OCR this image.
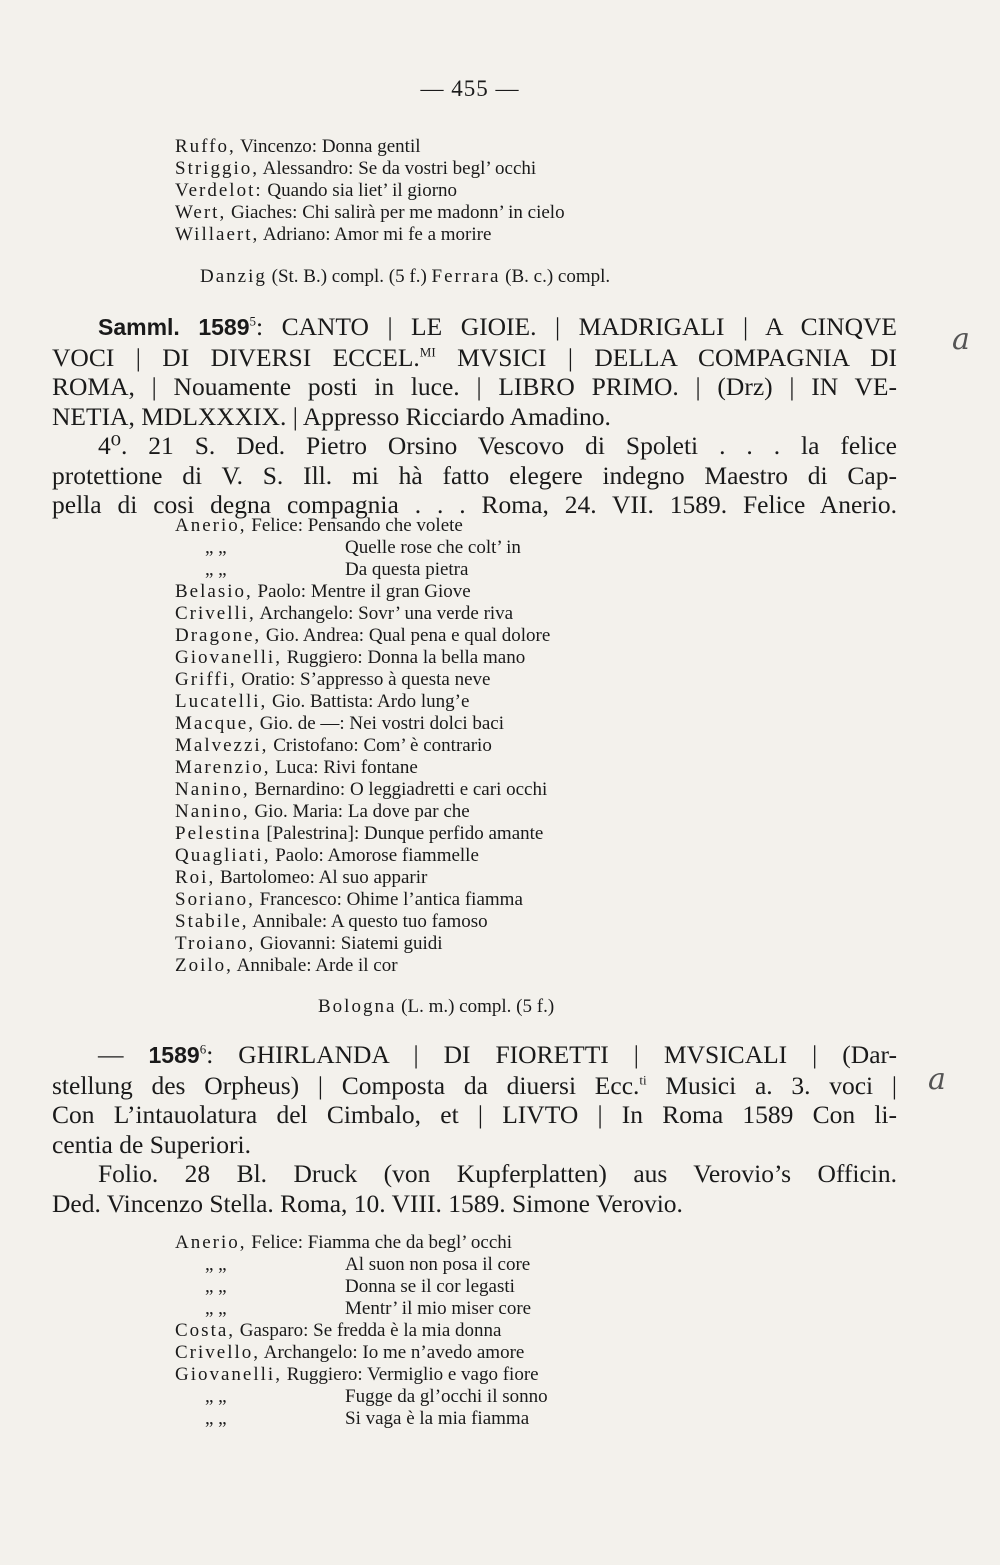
— 455 —
Ruffo, Vincenzo: Donna gentil
Striggio, Alessandro: Se da vostri begl’ occhi
Verdelot: Quando sia liet’ il giorno
Wert, Giaches: Chi salirà per me madonn’ in cielo
Willaert, Adriano: Amor mi fe a morire
Danzig (St. B.) compl. (5 f.) Ferrara (B. c.) compl.
Samml. 1589$^5$: CANTO | LE GIOIE. | MADRIGALI | A CINQVE
VOCI | DI DIVERSI ECCEL.$^{MI}$ MVSICI | DELLA COMPAGNIA DI
ROMA, | Nouamente posti in luce. | LIBRO PRIMO. | (Drz) | IN VE-
NETIA, MDLXXXIX. | Appresso Ricciardo Amadino.
4⁰. 21 S. Ded. Pietro Orsino Vescovo di Spoleti . . . la felice
protettione di V. S. Ill. mi hà fatto elegere indegno Maestro di Cap-
pella di cosi degna compagnia . . . Roma, 24. VII. 1589. Felice Anerio.
Anerio, Felice: Pensando che volete
„ „	Quelle rose che colt’ in
„ „	Da questa pietra
Belasio, Paolo: Mentre il gran Giove
Crivelli, Archangelo: Sovr’ una verde riva
Dragone, Gio. Andrea: Qual pena e qual dolore
Giovanelli, Ruggiero: Donna la bella mano
Griffi, Oratio: S’appresso à questa neve
Lucatelli, Gio. Battista: Ardo lung’e
Macque, Gio. de —: Nei vostri dolci baci
Malvezzi, Cristofano: Com’ è contrario
Marenzio, Luca: Rivi fontane
Nanino, Bernardino: O leggiadretti e cari occhi
Nanino, Gio. Maria: La dove par che
Pelestina [Palestrina]: Dunque perfido amante
Quagliati, Paolo: Amorose fiammelle
Roi, Bartolomeo: Al suo apparir
Soriano, Francesco: Ohime l’antica fiamma
Stabile, Annibale: A questo tuo famoso
Troiano, Giovanni: Siatemi guidi
Zoilo, Annibale: Arde il cor
Bologna (L. m.) compl. (5 f.)
— 1589$^6$: GHIRLANDA | DI FIORETTI | MVSICALI | (Dar-
stellung des Orpheus) | Composta da diuersi Ecc.$^{ti}$ Musici a. 3. voci |
Con L’intauolatura del Cimbalo, et | LIVTO | In Roma 1589 Con li-
centia de Superiori.
Folio. 28 Bl. Druck (von Kupferplatten) aus Verovio’s Officin.
Ded. Vincenzo Stella. Roma, 10. VIII. 1589. Simone Verovio.
Anerio, Felice: Fiamma che da begl’ occhi
„ „	Al suon non posa il core
„ „	Donna se il cor legasti
„ „	Mentr’ il mio miser core
Costa, Gasparo: Se fredda è la mia donna
Crivello, Archangelo: Io me n’avedo amore
Giovanelli, Ruggiero: Vermiglio e vago fiore
„ „	Fugge da gl’occhi il sonno
„ „	Si vaga è la mia fiamma
a
a
